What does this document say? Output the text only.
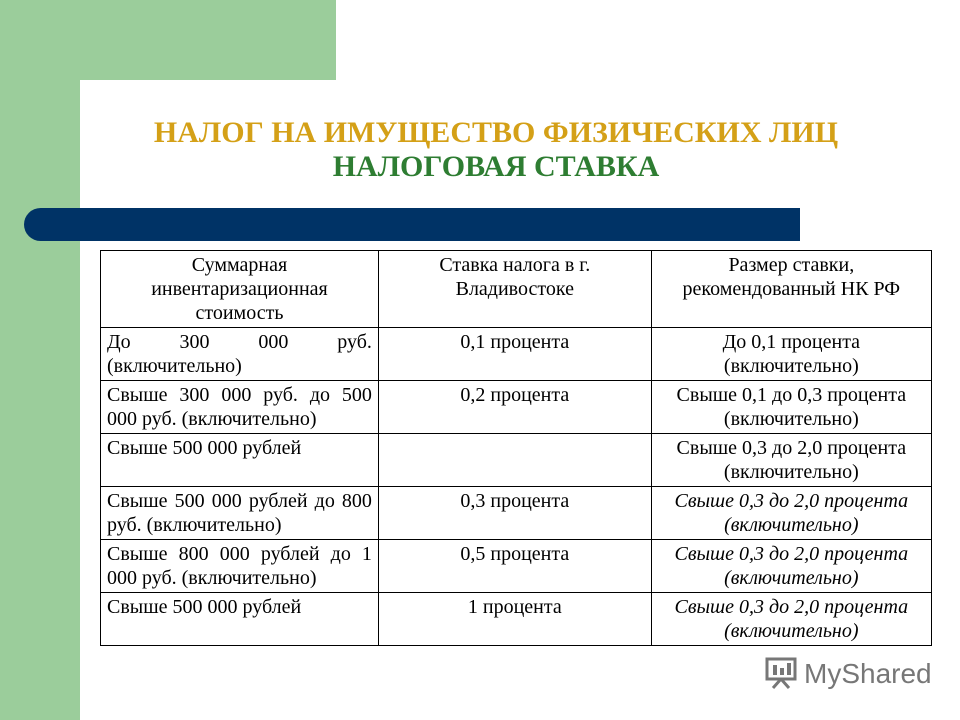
НАЛОГ НА ИМУЩЕСТВО ФИЗИЧЕСКИХ ЛИЦ
НАЛОГОВАЯ СТАВКА
Суммарная инвентаризационная стоимость	Ставка налога в г. Владивостоке	Размер ставки, рекомендованный НК РФ
До 300 000 руб. (включительно)	0,1 процента	До 0,1 процента (включительно)
Свыше 300 000 руб. до 500 000 руб. (включительно)	0,2 процента	Свыше 0,1 до 0,3 процента (включительно)
Свыше 500 000 рублей		Свыше 0,3 до 2,0 процента (включительно)
Свыше 500 000 рублей до 800 руб. (включительно)	0,3 процента	Свыше 0,3 до 2,0 процента (включительно)
Свыше 800 000 рублей до 1 000 руб. (включительно)	0,5 процента	Свыше 0,3 до 2,0 процента (включительно)
Свыше 500 000 рублей	1 процента	Свыше 0,3 до 2,0 процента (включительно)
MyShared
